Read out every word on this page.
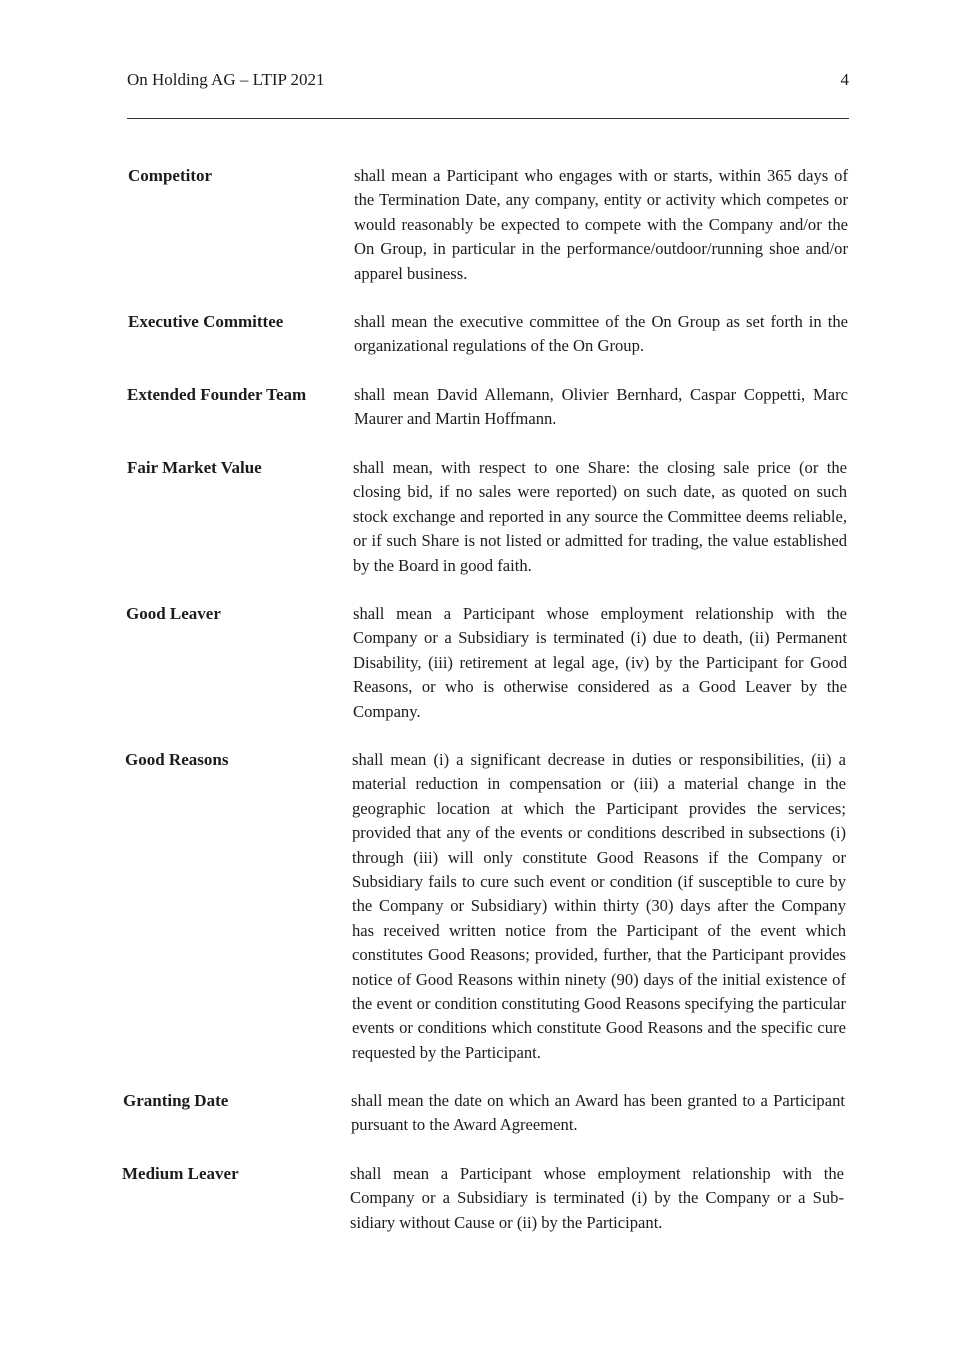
On Holding AG – LTIP 2021	4
Competitor	shall mean a Participant who engages with or starts, within 365 days of the Termination Date, any company, entity or activity which competes or would reasonably be expected to compete with the Company and/or the On Group, in particular in the performance/outdoor/running shoe and/or apparel business.
Executive Committee	shall mean the executive committee of the On Group as set forth in the organizational regulations of the On Group.
Extended Founder Team	shall mean David Allemann, Olivier Bernhard, Caspar Coppetti, Marc Maurer and Martin Hoffmann.
Fair Market Value	shall mean, with respect to one Share: the closing sale price (or the closing bid, if no sales were reported) on such date, as quoted on such stock exchange and reported in any source the Committee deems reliable, or if such Share is not listed or admitted for trading, the value established by the Board in good faith.
Good Leaver	shall mean a Participant whose employment relationship with the Company or a Subsidiary is terminated (i) due to death, (ii) Permanent Disability, (iii) retirement at legal age, (iv) by the Participant for Good Reasons, or who is otherwise considered as a Good Leaver by the Company.
Good Reasons	shall mean (i) a significant decrease in duties or responsibilities, (ii) a material reduction in compensation or (iii) a material change in the geographic location at which the Participant provides the services; provided that any of the events or conditions described in subsections (i) through (iii) will only constitute Good Reasons if the Company or Subsidiary fails to cure such event or condition (if susceptible to cure by the Company or Subsidiary) within thirty (30) days after the Company has received written notice from the Participant of the event which constitutes Good Reasons; provided, further, that the Participant provides notice of Good Reasons within ninety (90) days of the initial existence of the event or condition constituting Good Reasons specifying the particular events or conditions which constitute Good Reasons and the specific cure requested by the Participant.
Granting Date	shall mean the date on which an Award has been granted to a Participant pursuant to the Award Agreement.
Medium Leaver	shall mean a Participant whose employment relationship with the Company or a Subsidiary is terminated (i) by the Company or a Subsidiary without Cause or (ii) by the Participant.
